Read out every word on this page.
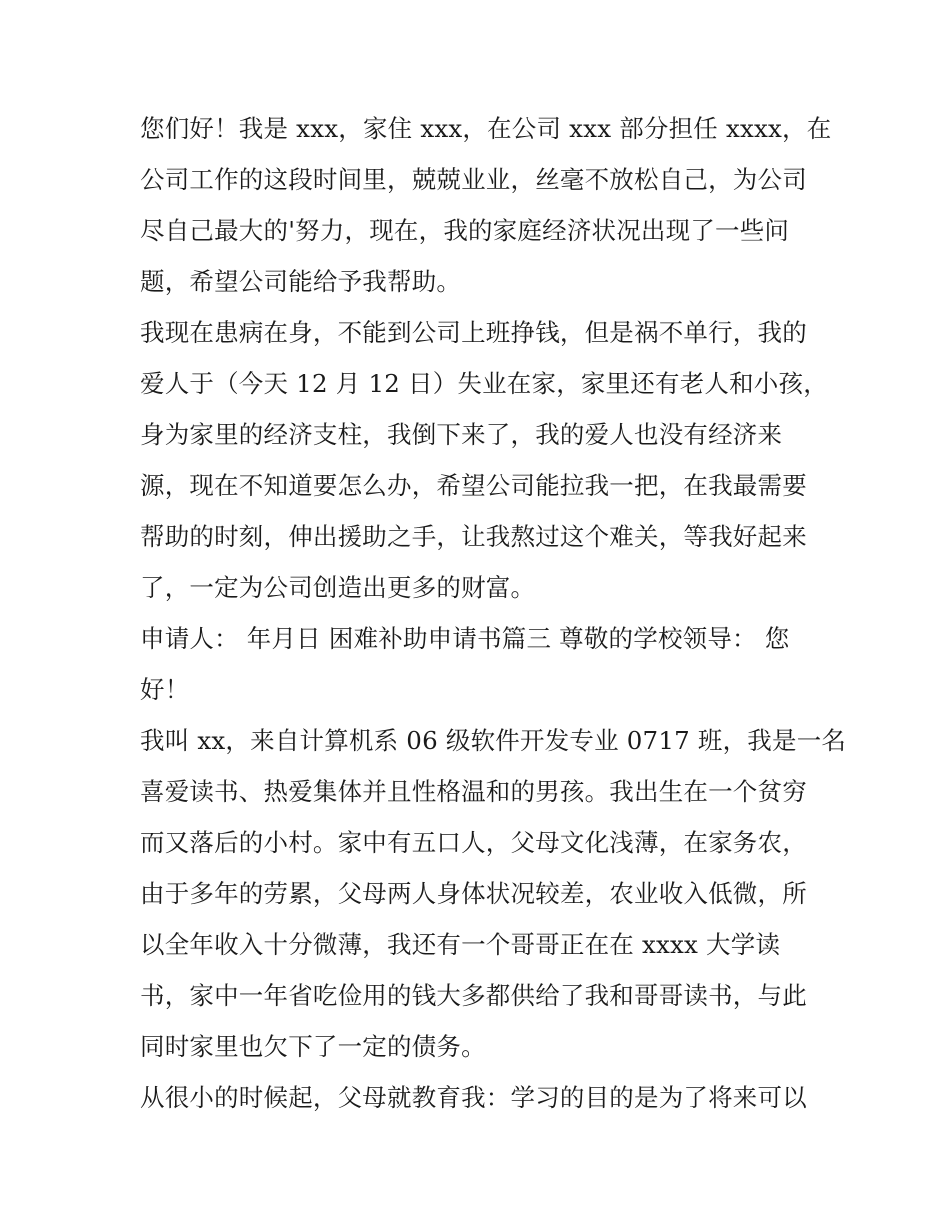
您们好！我是 xxx，家住 xxx，在公司 xxx 部分担任 xxxx，在
公司工作的这段时间里，兢兢业业，丝毫不放松自己，为公司
尽自己最大的'努力，现在，我的家庭经济状况出现了一些问
题，希望公司能给予我帮助。
我现在患病在身，不能到公司上班挣钱，但是祸不单行，我的
爱人于（今天 12 月 12 日）失业在家，家里还有老人和小孩，
身为家里的经济支柱，我倒下来了，我的爱人也没有经济来
源，现在不知道要怎么办，希望公司能拉我一把，在我最需要
帮助的时刻，伸出援助之手，让我熬过这个难关，等我好起来
了，一定为公司创造出更多的财富。
申请人： 年月日 困难补助申请书篇三 尊敬的学校领导： 您
好！
我叫 xx，来自计算机系 06 级软件开发专业 0717 班，我是一名
喜爱读书、热爱集体并且性格温和的男孩。我出生在一个贫穷
而又落后的小村。家中有五口人，父母文化浅薄，在家务农，
由于多年的劳累，父母两人身体状况较差，农业收入低微，所
以全年收入十分微薄，我还有一个哥哥正在在 xxxx 大学读
书，家中一年省吃俭用的钱大多都供给了我和哥哥读书，与此
同时家里也欠下了一定的债务。
从很小的时候起，父母就教育我：学习的目的是为了将来可以
